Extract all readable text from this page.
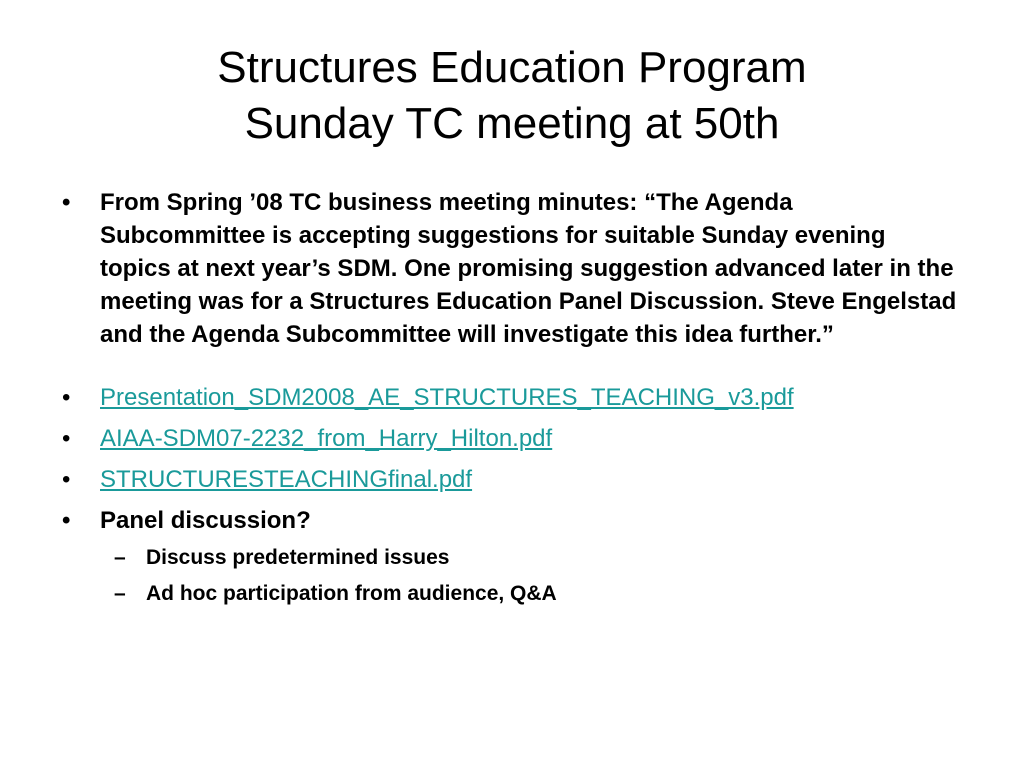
Structures Education Program
Sunday TC meeting at 50th
•	From Spring ’08 TC business meeting minutes: “The Agenda Subcommittee is accepting suggestions for suitable Sunday evening topics at next year’s SDM. One promising suggestion advanced later in the meeting was for a Structures Education Panel Discussion. Steve Engelstad and the Agenda Subcommittee will investigate this idea further.”
•	Presentation_SDM2008_AE_STRUCTURES_TEACHING_v3.pdf
•	AIAA-SDM07-2232_from_Harry_Hilton.pdf
•	STRUCTURESTEACHINGfinal.pdf
•	Panel discussion?
– Discuss predetermined issues
– Ad hoc participation from audience, Q&A
